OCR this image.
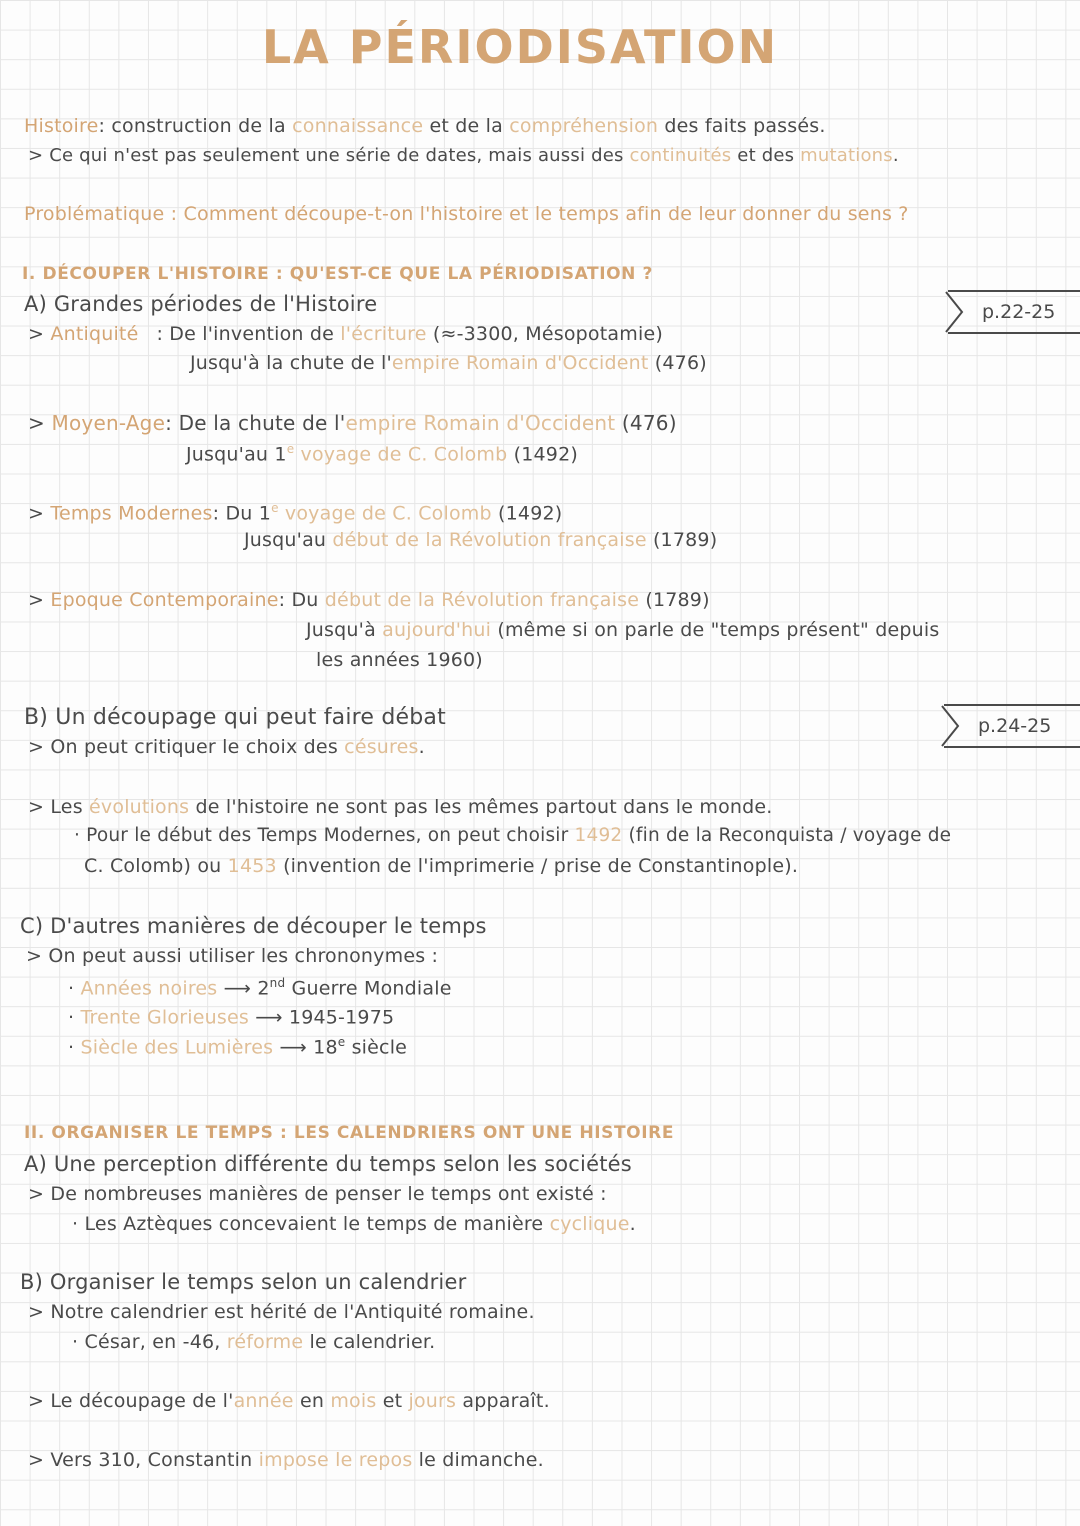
LA PÉRIODISATION
Histoire: construction de la connaissance et de la compréhension des faits passés.
> Ce qui n'est pas seulement une série de dates, mais aussi des continuités et des mutations.
Problématique : Comment découpe-t-on l'histoire et le temps afin de leur donner du sens ?
I. DÉCOUPER L'HISTOIRE : QU'EST-CE QUE LA PÉRIODISATION ?
A) Grandes périodes de l'Histoire	p.22-25
> Antiquité : De l'invention de l'écriture (≈-3300, Mésopotamie)
Jusqu'à la chute de l'empire Romain d'Occident (476)
> Moyen-Age: De la chute de l'empire Romain d'Occident (476)
Jusqu'au 1e voyage de C. Colomb (1492)
> Temps Modernes: Du 1e voyage de C. Colomb (1492)
Jusqu'au début de la Révolution française (1789)
> Epoque Contemporaine: Du début de la Révolution française (1789)
Jusqu'à aujourd'hui (même si on parle de "temps présent" depuis
les années 1960)
B) Un découpage qui peut faire débat	p.24-25
> On peut critiquer le choix des césures.
> Les évolutions de l'histoire ne sont pas les mêmes partout dans le monde.
· Pour le début des Temps Modernes, on peut choisir 1492 (fin de la Reconquista / voyage de
C. Colomb) ou 1453 (invention de l'imprimerie / prise de Constantinople).
C) D'autres manières de découper le temps
> On peut aussi utiliser les chrononymes :
· Années noires ⟶ 2nd Guerre Mondiale
· Trente Glorieuses ⟶ 1945-1975
· Siècle des Lumières ⟶ 18e siècle
II. ORGANISER LE TEMPS : LES CALENDRIERS ONT UNE HISTOIRE
A) Une perception différente du temps selon les sociétés
> De nombreuses manières de penser le temps ont existé :
· Les Aztèques concevaient le temps de manière cyclique.
B) Organiser le temps selon un calendrier
> Notre calendrier est hérité de l'Antiquité romaine.
· César, en -46, réforme le calendrier.
> Le découpage de l'année en mois et jours apparaît.
> Vers 310, Constantin impose le repos le dimanche.
